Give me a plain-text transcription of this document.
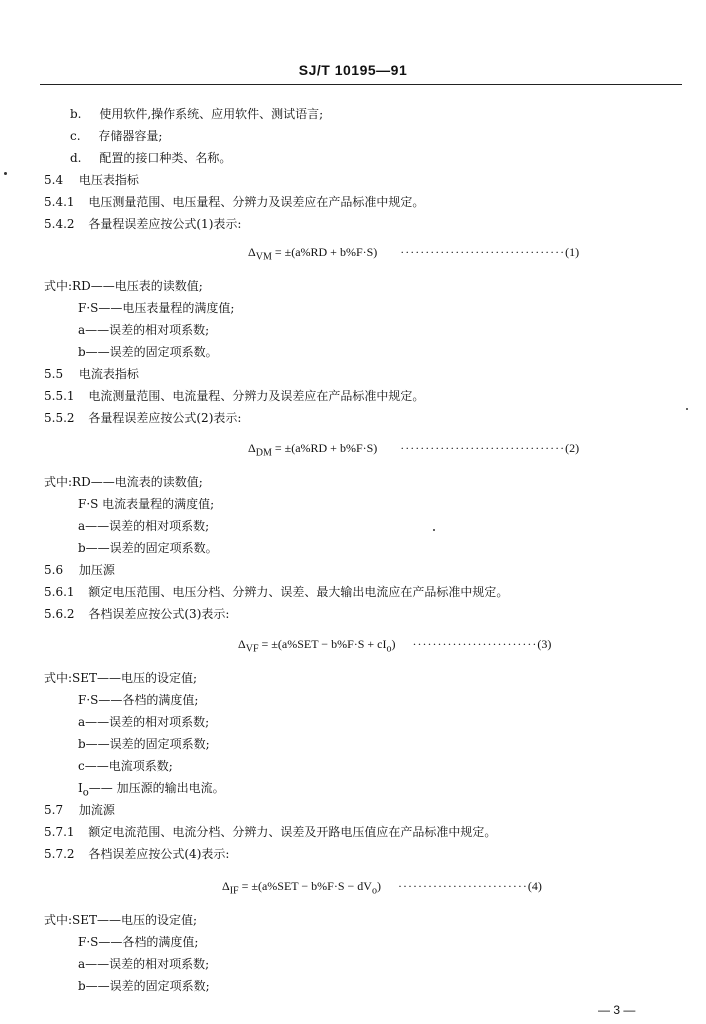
SJ/T 10195—91
b. 使用软件,操作系统、应用软件、测试语言;
c. 存储器容量;
d. 配置的接口种类、名称。
5.4 电压表指标
5.4.1 电压测量范围、电压量程、分辨力及误差应在产品标准中规定。
5.4.2 各量程误差应按公式(1)表示:
$\Delta_{VM} = \pm(a\%RD + b\%F\cdot S) \cdot\cdot\cdot\cdot\cdot\cdot\cdot\cdot\cdot\cdot\cdot\cdot\cdot\cdot\cdot\cdot\cdot\cdot\cdot\cdot\cdot\cdot\cdot\cdot\cdot\cdot\cdot\cdot\cdot\cdot\cdot\cdot\cdot(1)$
式中:RD——电压表的读数值;
F·S——电压表量程的满度值;
a——误差的相对项系数;
b——误差的固定项系数。
5.5 电流表指标
5.5.1 电流测量范围、电流量程、分辨力及误差应在产品标准中规定。
5.5.2 各量程误差应按公式(2)表示:
$\Delta_{DM} = \pm(a\%RD + b\%F\cdot S) \cdot\cdot\cdot\cdot\cdot\cdot\cdot\cdot\cdot\cdot\cdot\cdot\cdot\cdot\cdot\cdot\cdot\cdot\cdot\cdot\cdot\cdot\cdot\cdot\cdot\cdot\cdot\cdot\cdot\cdot\cdot\cdot\cdot(2)$
式中:RD——电流表的读数值;
F·S 电流表量程的满度值;
a——误差的相对项系数;
b——误差的固定项系数。
5.6 加压源
5.6.1 额定电压范围、电压分档、分辨力、误差、最大输出电流应在产品标准中规定。
5.6.2 各档误差应按公式(3)表示:
$\Delta_{VF} = \pm(a\%SET - b\%F\cdot S + cI_o) \cdot\cdot\cdot\cdot\cdot\cdot\cdot\cdot\cdot\cdot\cdot\cdot\cdot\cdot\cdot\cdot\cdot\cdot\cdot\cdot\cdot\cdot\cdot\cdot\cdot(3)$
式中:SET——电压的设定值;
F·S——各档的满度值;
a——误差的相对项系数;
b——误差的固定项系数;
c——电流项系数;
$I_o——$ 加压源的输出电流。
5.7 加流源
5.7.1 额定电流范围、电流分档、分辨力、误差及开路电压值应在产品标准中规定。
5.7.2 各档误差应按公式(4)表示:
$\Delta_{IF} = \pm(a\%SET - b\%F\cdot S - dV_o) \cdot\cdot\cdot\cdot\cdot\cdot\cdot\cdot\cdot\cdot\cdot\cdot\cdot\cdot\cdot\cdot\cdot\cdot\cdot\cdot\cdot\cdot\cdot\cdot\cdot\cdot(4)$
式中:SET——电压的设定值;
F·S——各档的满度值;
a——误差的相对项系数;
b——误差的固定项系数;
— 3 —
